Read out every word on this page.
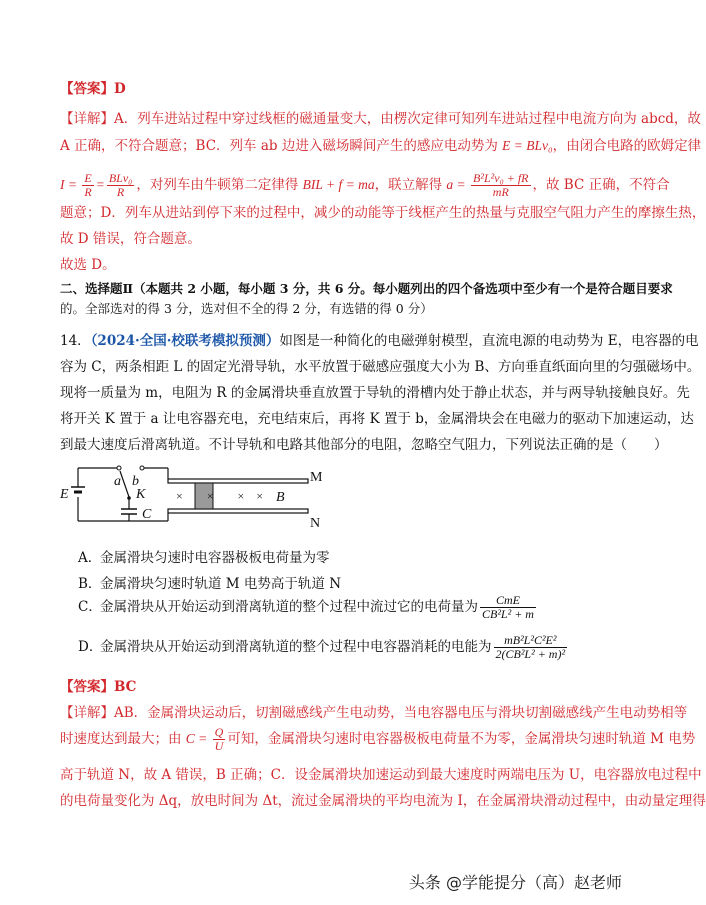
【答案】D
【详解】A．列车进站过程中穿过线框的磁通量变大，由楞次定律可知列车进站过程中电流方向为 abcd，故
A 正确，不符合题意；BC．列车 ab 边进入磁场瞬间产生的感应电动势为 E = BLv₀，由闭合电路的欧姆定律
$I = \frac{E}{R} = \frac{\text{BLv₀}}{R}$ ，对列车由牛顿第二定律得 BIL + f = ma，联立解得 $a = \frac{\text{B²L²v₀ + fR}}{mR}$ ，故 BC 正确，不符合
题意；D．列车从进站到停下来的过程中，减少的动能等于线框产生的热量与克服空气阻力产生的摩擦生热，
故 D 错误，符合题意。
故选 D。
二、选择题Ⅱ（本题共 2 小题，每小题 3 分，共 6 分。每小题列出的四个备选项中至少有一个是符合题目要求
的。全部选对的得 3 分，选对但不全的得 2 分，有选错的得 0 分）
14．（2024·全国·校联考模拟预测）如图是一种简化的电磁弹射模型，直流电源的电动势为 E，电容器的电
容为 C，两条相距 L 的固定光滑导轨，水平放置于磁感应强度大小为 B、方向垂直纸面向里的匀强磁场中。
现将一质量为 m，电阻为 R 的金属滑块垂直放置于导轨的滑槽内处于静止状态，并与两导轨接触良好。先
将开关 K 置于 a 让电容器充电，充电结束后，再将 K 置于 b，金属滑块会在电磁力的驱动下加速运动，达
到最大速度后滑离轨道。不计导轨和电路其他部分的电阻，忽略空气阻力，下列说法正确的是（　　）
E
a b
K
C
M
N
×　　×　　×　× B
A．金属滑块匀速时电容器极板电荷量为零
B．金属滑块匀速时轨道 M 电势高于轨道 N
C．金属滑块从开始运动到滑离轨道的整个过程中流过它的电荷量为 $\frac{\text{CmE}}{\text{CB²L² + m}}$
D．金属滑块从开始运动到滑离轨道的整个过程中电容器消耗的电能为 $\frac{\text{mB²L²C²E²}}{\text{2(CB²L² + m)²}}$
【答案】BC
【详解】AB．金属滑块运动后，切割磁感线产生电动势，当电容器电压与滑块切割磁感线产生电动势相等
时速度达到最大；由 $C = \frac{Q}{U}$ 可知，金属滑块匀速时电容器极板电荷量不为零，金属滑块匀速时轨道 M 电势
高于轨道 N，故 A 错误，B 正确；C．设金属滑块加速运动到最大速度时两端电压为 U，电容器放电过程中
的电荷量变化为 Δq，放电时间为 Δt，流过金属滑块的平均电流为 I，在金属滑块滑动过程中，由动量定理得
头条 @学能提分（高）赵老师
